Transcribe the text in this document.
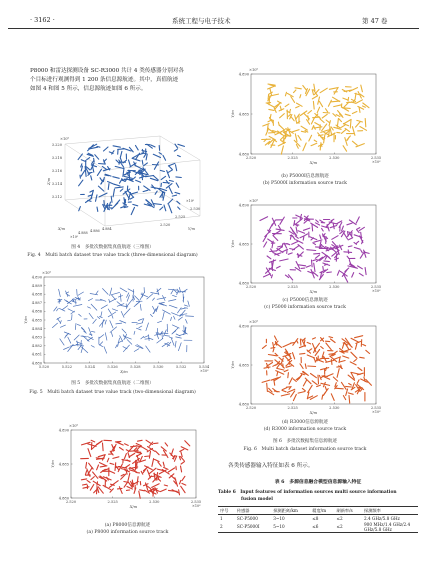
· 3162 ·	系统工程与电子技术	第 47 卷
P8000 和雷达探测设备 SC-R3000 共计 4 类传感器分别对各
个目标进行观测得到 1 200 条信息源航迹。其中，真值航迹
如图 4 和图 5 所示，信息源航迹如图 6 所示。
×10⁶
3.220
3.218
3.216
3.214
3.212
4.888 4.886 4.884
×10⁶
X/m
2.520
2.525
2.530
×10⁶
Y/m
Z/m
图 4　多批次数据集真值航迹（三维图）
Fig. 4　Multi batch dataset true value track (three-dimensional diagram)
×10⁶
4.890
4.889
4.888
4.887
4.886
4.885
4.884
4.883
4.882
4.881
4.880
5.520	5.522	5.524	5.526	5.528	5.530	5.532	5.534
×10⁶
X/m
Y/m
图 5　多批次数据集真值航迹（二维图）
Fig. 5　Multi batch dataset true value track (two-dimensional diagram)
×10⁶
4.890
4.885
4.880
2.520	2.525	2.530	2.535
×10⁶
X/m
Y/m
(a) P8000信息源航迹
(a) P8000 information source track
×10⁶
4.890
4.885
4.880
2.520	2.525	2.530	2.535
×10⁶
X/m
Y/m
(b) P5000Ⅰ信息源航迹
(b) P5000Ⅰ information source track
×10⁶
4.890
4.885
4.880
2.520	2.525	2.530	2.535
×10⁶
X/m
Y/m
(c) P5000信息源航迹
(c) P5000 information source track
×10⁶
4.890
4.885
4.880
2.520	2.525	2.530	2.535
×10⁶
X/m
Y/m
(d) R3000信息源航迹
(d) R3000 information source track
图 6　多批次数据集信息源航迹
Fig. 6　Multi batch dataset information source track
各类传感器输入特征如表 6 所示。
表 6　多源信息融合模型信息源输入特征
Table 6　Input features of information sources multi source information
fusion model
序号	传感器	探测距离/km	精度/m	刷新率/s	探测频率
1	SC-P5000	3~10	≤8	≤2	2.4 GHz/5.8 GHz
2	SC-P5000Ⅰ	5~10	≤6	≤2	900 MHz/1.4 GHz/2.4 GHz/5.8 GHz
